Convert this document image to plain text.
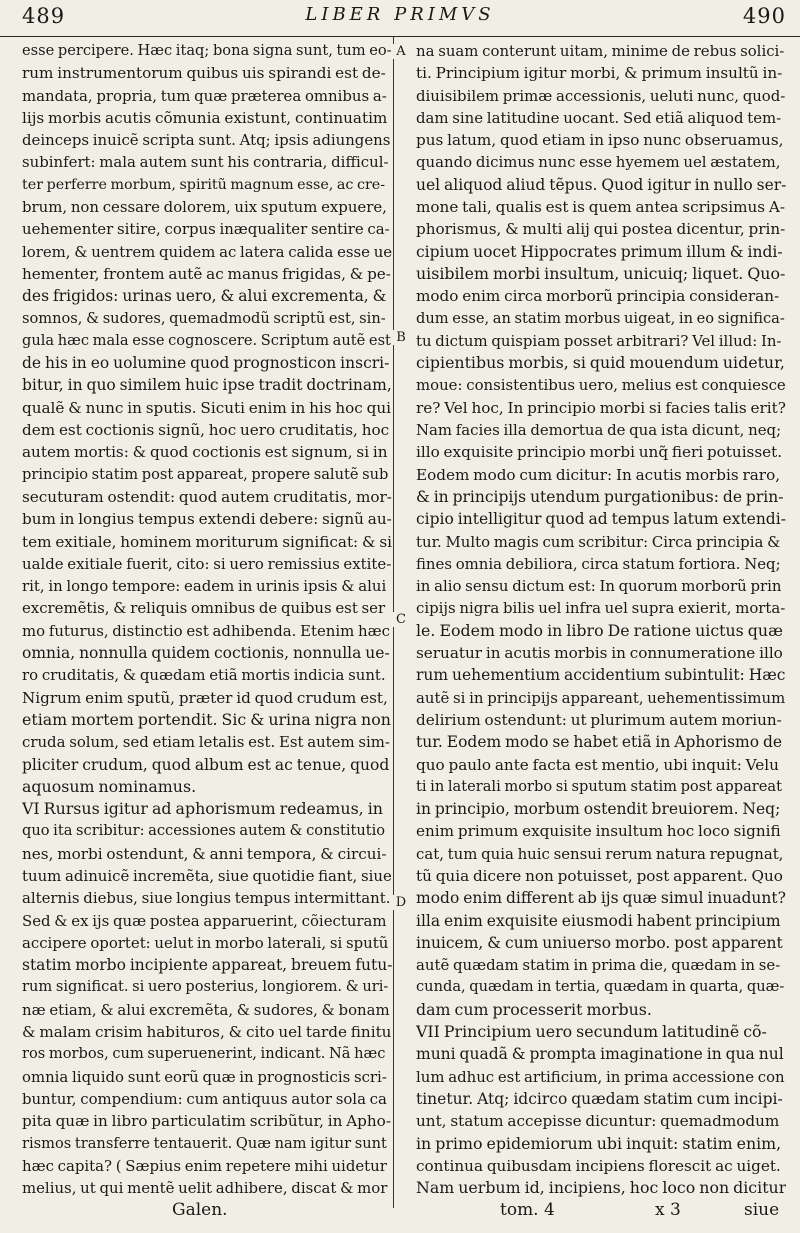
489	LIBER PRIMVS	490
A
B
C
D
esse percipere. Hæc itaq; bona signa sunt, tum eo-
rum instrumentorum quibus uis spirandi est de-
mandata, propria, tum quæ præterea omnibus a-
lijs morbis acutis cõmunia existunt, continuatim
deinceps inuicẽ scripta sunt. Atq; ipsis adiungens
subinfert: mala autem sunt his contraria, difficul-
ter perferre morbum, spiritũ magnum esse, ac cre-
brum, non cessare dolorem, uix sputum expuere,
uehementer sitire, corpus inæqualiter sentire ca-
lorem, & uentrem quidem ac latera calida esse ue
hementer, frontem autẽ ac manus frigidas, & pe-
des frigidos: urinas uero, & alui excrementa, &
somnos, & sudores, quemadmodũ scriptũ est, sin-
gula hæc mala esse cognoscere. Scriptum autẽ est
de his in eo uolumine quod prognosticon inscri-
bitur, in quo similem huic ipse tradit doctrinam,
qualẽ & nunc in sputis. Sicuti enim in his hoc qui
dem est coctionis signũ, hoc uero cruditatis, hoc
autem mortis: & quod coctionis est signum, si in
principio statim post appareat, propere salutẽ sub
secuturam ostendit: quod autem cruditatis, mor-
bum in longius tempus extendi debere: signũ au-
tem exitiale, hominem moriturum significat: & si
ualde exitiale fuerit, cito: si uero remissius extite-
rit, in longo tempore: eadem in urinis ipsis & alui
excremẽtis, & reliquis omnibus de quibus est ser
mo futurus, distinctio est adhibenda. Etenim hæc
omnia, nonnulla quidem coctionis, nonnulla ue-
ro cruditatis, & quædam etiã mortis indicia sunt.
Nigrum enim sputũ, præter id quod crudum est,
etiam mortem portendit. Sic & urina nigra non
cruda solum, sed etiam letalis est. Est autem sim-
pliciter crudum, quod album est ac tenue, quod
aquosum nominamus.
VI Rursus igitur ad aphorismum redeamus, in
quo ita scribitur: accessiones autem & constitutio
nes, morbi ostendunt, & anni tempora, & circui-
tuum adinuicẽ incremẽta, siue quotidie fiant, siue
alternis diebus, siue longius tempus intermittant.
Sed & ex ijs quæ postea apparuerint, cõiecturam
accipere oportet: uelut in morbo laterali, si sputũ
statim morbo incipiente appareat, breuem futu-
rum significat. si uero posterius, longiorem. & uri-
næ etiam, & alui excremẽta, & sudores, & bonam
& malam crisim habituros, & cito uel tarde finitu
ros morbos, cum superuenerint, indicant. Nã hæc
omnia liquido sunt eorũ quæ in prognosticis scri-
buntur, compendium: cum antiquus autor sola ca
pita quæ in libro particulatim scribũtur, in Apho-
rismos transferre tentauerit. Quæ nam igitur sunt
hæc capita? ( Sæpius enim repetere mihi uidetur
melius, ut qui mentẽ uelit adhibere, discat & mor
na suam conterunt uitam, minime de rebus solici-
ti. Principium igitur morbi, & primum insultũ in-
diuisibilem primæ accessionis, ueluti nunc, quod-
dam sine latitudine uocant. Sed etiã aliquod tem-
pus latum, quod etiam in ipso nunc obseruamus,
quando dicimus nunc esse hyemem uel æstatem,
uel aliquod aliud tẽpus. Quod igitur in nullo ser-
mone tali, qualis est is quem antea scripsimus A-
phorismus, & multi alij qui postea dicentur, prin-
cipium uocet Hippocrates primum illum & indi-
uisibilem morbi insultum, unicuiq; liquet. Quo-
modo enim circa morborũ principia consideran-
dum esse, an statim morbus uigeat, in eo significa-
tu dictum quispiam posset arbitrari? Vel illud: In-
cipientibus morbis, si quid mouendum uidetur,
moue: consistentibus uero, melius est conquiesce
re? Vel hoc, In principio morbi si facies talis erit?
Nam facies illa demortua de qua ista dicunt, neq;
illo exquisite principio morbi unq̃ fieri potuisset.
Eodem modo cum dicitur: In acutis morbis raro,
& in principijs utendum purgationibus: de prin-
cipio intelligitur quod ad tempus latum extendi-
tur. Multo magis cum scribitur: Circa principia &
fines omnia debiliora, circa statum fortiora. Neq;
in alio sensu dictum est: In quorum morborũ prin
cipijs nigra bilis uel infra uel supra exierit, morta-
le. Eodem modo in libro De ratione uictus quæ
seruatur in acutis morbis in connumeratione illo
rum uehementium accidentium subintulit: Hæc
autẽ si in principijs appareant, uehementissimum
delirium ostendunt: ut plurimum autem moriun-
tur. Eodem modo se habet etiã in Aphorismo de
quo paulo ante facta est mentio, ubi inquit: Velu
ti in laterali morbo si sputum statim post appareat
in principio, morbum ostendit breuiorem. Neq;
enim primum exquisite insultum hoc loco signifi
cat, tum quia huic sensui rerum natura repugnat,
tũ quia dicere non potuisset, post apparent. Quo
modo enim different ab ijs quæ simul inuadunt?
illa enim exquisite eiusmodi habent principium
inuicem, & cum uniuerso morbo. post apparent
autẽ quædam statim in prima die, quædam in se-
cunda, quædam in tertia, quædam in quarta, quæ-
dam cum processerit morbus.
VII Principium uero secundum latitudinẽ cõ-
muni quadã & prompta imaginatione in qua nul
lum adhuc est artificium, in prima accessione con
tinetur. Atq; idcirco quædam statim cum incipi-
unt, statum accepisse dicuntur: quemadmodum
in primo epidemiorum ubi inquit: statim enim,
continua quibusdam incipiens florescit ac uiget.
Nam uerbum id, incipiens, hoc loco non dicitur
Galen.	tom. 4	x 3	siue
